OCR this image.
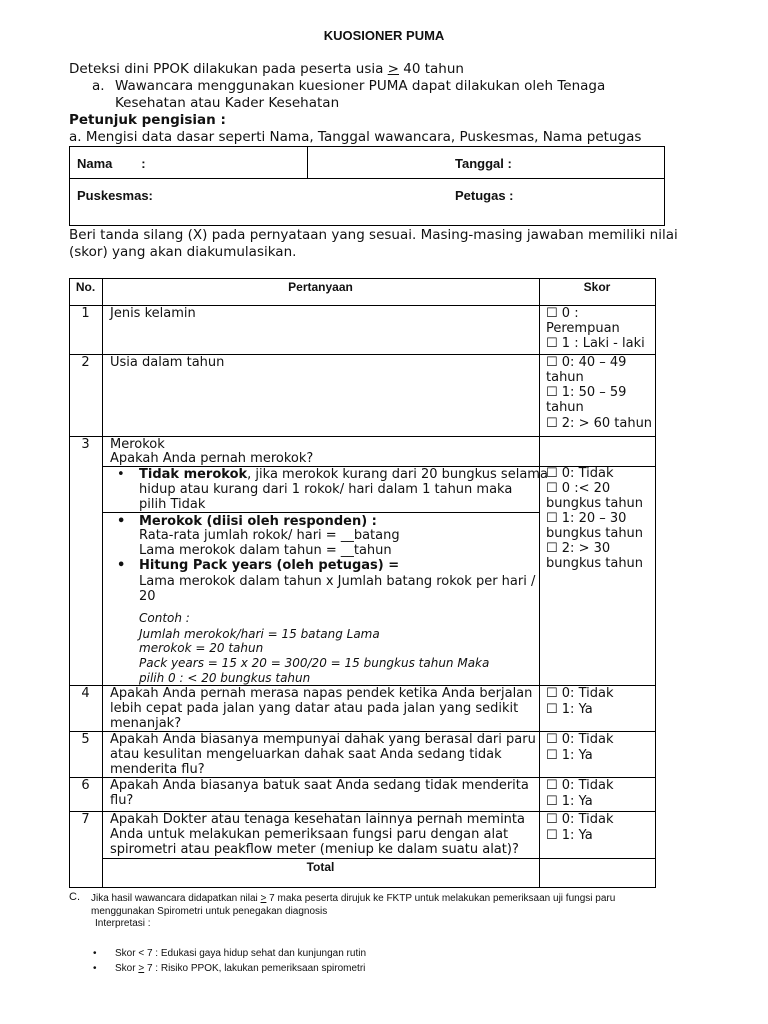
KUOSIONER PUMA
Deteksi dini PPOK dilakukan pada peserta usia ≥ 40 tahun
a. Wawancara menggunakan kuesioner PUMA dapat dilakukan oleh Tenaga
Kesehatan atau Kader Kesehatan
Petunjuk pengisian :
a. Mengisi data dasar seperti Nama, Tanggal wawancara, Puskesmas, Nama petugas
Nama        :	Tanggal :
Puskesmas:	Petugas :
Beri tanda silang (X) pada pernyataan yang sesuai. Masing-masing jawaban memiliki nilai
(skor) yang akan diakumulasikan.
No.	Pertanyaan	Skor
1	Jenis kelamin	☐ 0 :
Perempuan
☐ 1 : Laki - laki
2	Usia dalam tahun	☐ 0: 40 – 49
tahun
☐ 1: 50 – 59
tahun
☐ 2: > 60 tahun
3	Merokok
Apakah Anda pernah merokok?
• Tidak merokok, jika merokok kurang dari 20 bungkus selama
hidup atau kurang dari 1 rokok/ hari dalam 1 tahun maka
pilih Tidak
• Merokok (diisi oleh responden) :
Rata-rata jumlah rokok/ hari = __batang
Lama merokok dalam tahun = __tahun
• Hitung Pack years (oleh petugas) =
Lama merokok dalam tahun x Jumlah batang rokok per hari /
20
Contoh :
Jumlah merokok/hari = 15 batang Lama
merokok = 20 tahun
Pack years = 15 x 20 = 300/20 = 15 bungkus tahun Maka
pilih 0 : < 20 bungkus tahun
☐ 0: Tidak
☐ 0 :< 20
bungkus tahun
☐ 1: 20 – 30
bungkus tahun
☐ 2: > 30
bungkus tahun
4	Apakah Anda pernah merasa napas pendek ketika Anda berjalan
lebih cepat pada jalan yang datar atau pada jalan yang sedikit
menanjak?
☐ 0: Tidak
☐ 1: Ya
5	Apakah Anda biasanya mempunyai dahak yang berasal dari paru
atau kesulitan mengeluarkan dahak saat Anda sedang tidak
menderita flu?
☐ 0: Tidak
☐ 1: Ya
6	Apakah Anda biasanya batuk saat Anda sedang tidak menderita
flu?
☐ 0: Tidak
☐ 1: Ya
7	Apakah Dokter atau tenaga kesehatan lainnya pernah meminta
Anda untuk melakukan pemeriksaan fungsi paru dengan alat
spirometri atau peakflow meter (meniup ke dalam suatu alat)?
☐ 0: Tidak
☐ 1: Ya
Total
C. Jika hasil wawancara didapatkan nilai ≥ 7 maka peserta dirujuk ke FKTP untuk melakukan pemeriksaan uji fungsi paru
menggunakan Spirometri untuk penegakan diagnosis
Interpretasi :
• Skor < 7 : Edukasi gaya hidup sehat dan kunjungan rutin
• Skor ≥ 7 : Risiko PPOK, lakukan pemeriksaan spirometri
